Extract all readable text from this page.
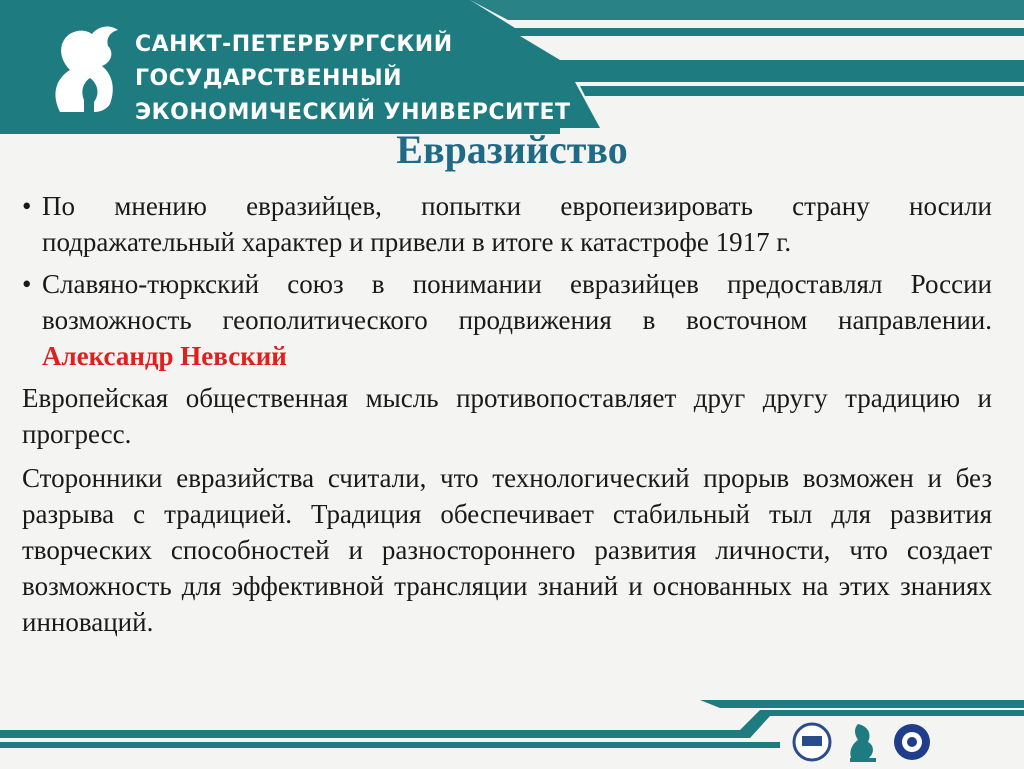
САНКТ-ПЕТЕРБУРГСКИЙ
ГОСУДАРСТВЕННЫЙ
ЭКОНОМИЧЕСКИЙ УНИВЕРСИТЕТ
Евразийство
• По мнению евразийцев, попытки европеизировать страну носили подражательный характер и привели в итоге к катастрофе 1917 г.
• Славяно-тюркский союз в понимании евразийцев предоставлял России возможность геополитического продвижения в восточном направлении. Александр Невский
Европейская общественная мысль противопоставляет друг другу традицию и прогресс.
Сторонники евразийства считали, что технологический прорыв возможен и без разрыва с традицией. Традиция обеспечивает стабильный тыл для развития творческих способностей и разностороннего развития личности, что создает возможность для эффективной трансляции знаний и основанных на этих знаниях инноваций.
